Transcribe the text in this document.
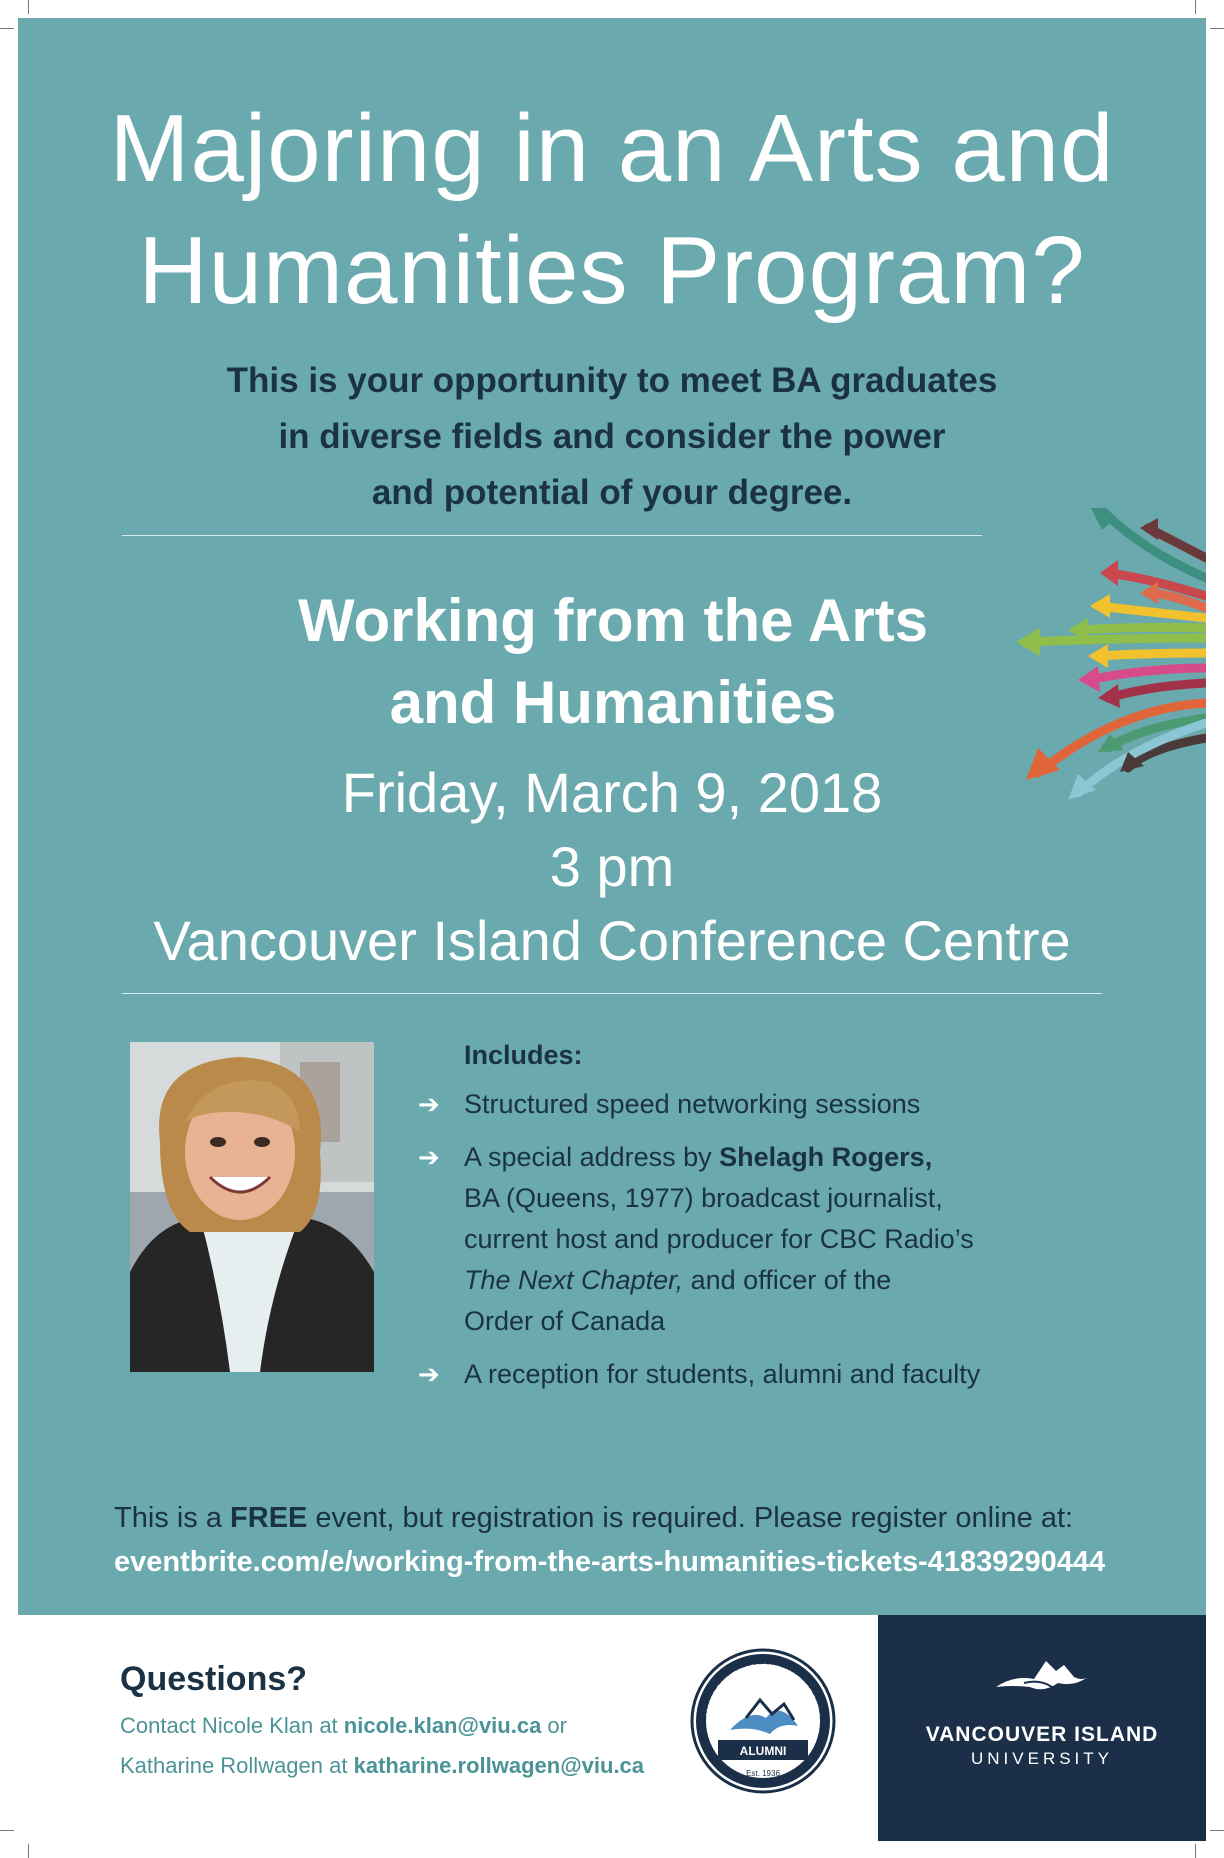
Majoring in an Arts and
Humanities Program?

This is your opportunity to meet BA graduates
in diverse fields and consider the power
and potential of your degree.

Working from the Arts
and Humanities

Friday, March 9, 2018

3 pm

Vancouver Island Conference Centre

Includes:
➔ Structured speed networking sessions
➔ A special address by Shelagh Rogers,
BA (Queens, 1977) broadcast journalist,
current host and producer for CBC Radio’s
The Next Chapter, and officer of the
Order of Canada
➔ A reception for students, alumni and faculty

This is a FREE event, but registration is required. Please register online at:

eventbrite.com/e/working-from-the-arts-humanities-tickets-41839290444

Questions?

Contact Nicole Klan at nicole.klan@viu.ca or

Katharine Rollwagen at katharine.rollwagen@viu.ca

VANCOUVER ISLAND UNIVERSITY
ALUMNI
Est. 1936
VANCOUVER ISLAND
UNIVERSITY
